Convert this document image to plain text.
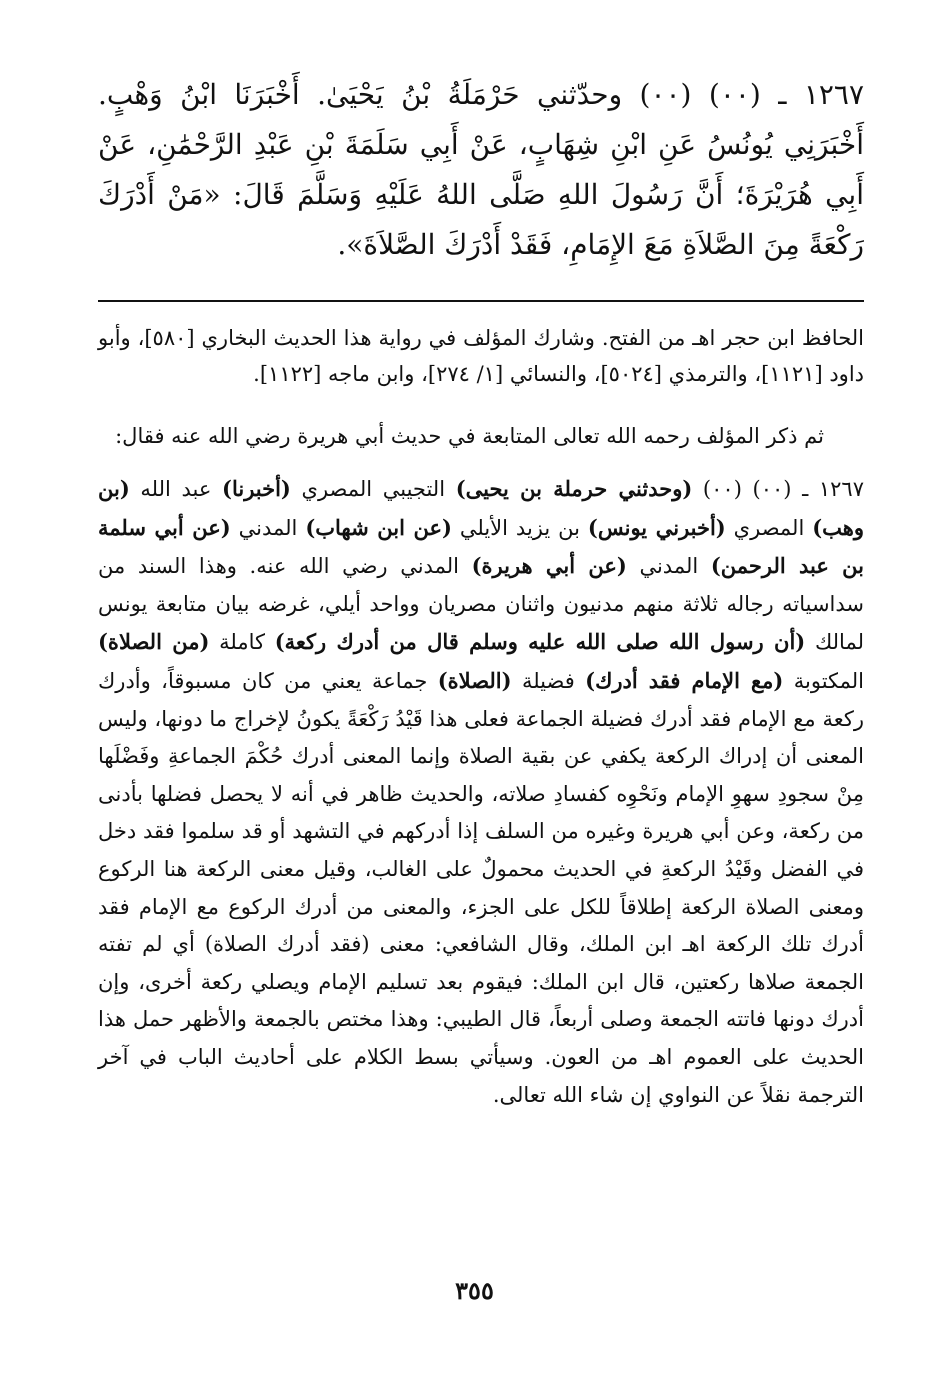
١٢٦٧ ـ (٠٠) (٠٠) وحدّثني حَرْمَلَةُ بْنُ يَحْيَىٰ. أَخْبَرَنَا ابْنُ وَهْبٍ. أَخْبَرَنِي يُونُسُ عَنِ ابْنِ شِهَابٍ، عَنْ أَبِي سَلَمَةَ بْنِ عَبْدِ الرَّحْمَٰنِ، عَنْ أَبِي هُرَيْرَةَ؛ أَنَّ رَسُولَ اللهِ صَلَّى اللهُ عَلَيْهِ وَسَلَّمَ قَالَ: «مَنْ أَدْرَكَ رَكْعَةً مِنَ الصَّلاَةِ مَعَ الإِمَامِ، فَقَدْ أَدْرَكَ الصَّلاَةَ».

الحافظ ابن حجر اهـ من الفتح. وشارك المؤلف في رواية هذا الحديث البخاري [٥٨٠]، وأبو داود [١١٢١]، والترمذي [٥٠٢٤]، والنسائي [١/ ٢٧٤]، وابن ماجه [١١٢٢].

ثم ذكر المؤلف رحمه الله تعالى المتابعة في حديث أبي هريرة رضي الله عنه فقال:

١٢٦٧ ـ (٠٠) (٠٠) (وحدثني حرملة بن يحيى) التجيبي المصري (أخبرنا) عبد الله (بن وهب) المصري (أخبرني يونس) بن يزيد الأيلي (عن ابن شهاب) المدني (عن أبي سلمة بن عبد الرحمن) المدني (عن أبي هريرة) المدني رضي الله عنه. وهذا السند من سداسياته رجاله ثلاثة منهم مدنيون واثنان مصريان وواحد أيلي، غرضه بيان متابعة يونس لمالك (أن رسول الله صلى الله عليه وسلم قال من أدرك ركعة) كاملة (من الصلاة) المكتوبة (مع الإمام فقد أدرك) فضيلة (الصلاة) جماعة يعني من كان مسبوقاً، وأدرك ركعة مع الإمام فقد أدرك فضيلة الجماعة فعلى هذا قَيْدُ رَكْعَةً يكونُ لإخراج ما دونها، وليس المعنى أن إدراك الركعة يكفي عن بقية الصلاة وإنما المعنى أدرك حُكْمَ الجماعةِ وفَضْلَها مِنْ سجودِ سهوِ الإمام ونَحْوِه كفسادِ صلاته، والحديث ظاهر في أنه لا يحصل فضلها بأدنى من ركعة، وعن أبي هريرة وغيره من السلف إذا أدركهم في التشهد أو قد سلموا فقد دخل في الفضل وقَيْدُ الركعةِ في الحديث محمولٌ على الغالب، وقيل معنى الركعة هنا الركوع ومعنى الصلاة الركعة إطلاقاً للكل على الجزء، والمعنى من أدرك الركوع مع الإمام فقد أدرك تلك الركعة اهـ ابن الملك، وقال الشافعي: معنى (فقد أدرك الصلاة) أي لم تفته الجمعة صلاها ركعتين، قال ابن الملك: فيقوم بعد تسليم الإمام ويصلي ركعة أخرى، وإن أدرك دونها فاتته الجمعة وصلى أربعاً، قال الطيبي: وهذا مختص بالجمعة والأظهر حمل هذا الحديث على العموم اهـ من العون. وسيأتي بسط الكلام على أحاديث الباب في آخر الترجمة نقلاً عن النواوي إن شاء الله تعالى.

٣٥٥
